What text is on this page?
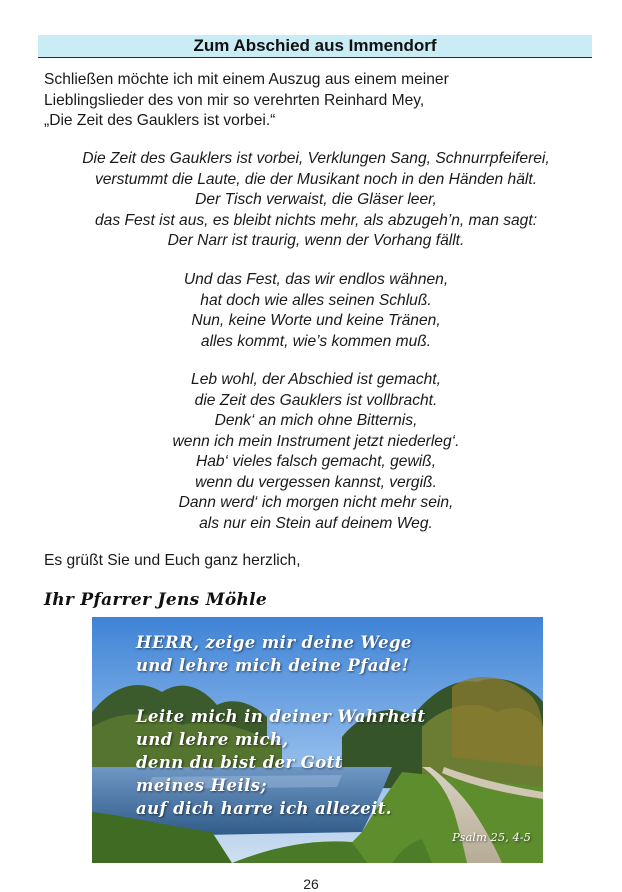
Zum Abschied aus Immendorf
Schließen möchte ich mit einem Auszug aus einem meiner
Lieblingslieder des von mir so verehrten Reinhard Mey,
„Die Zeit des Gauklers ist vorbei.“
Die Zeit des Gauklers ist vorbei, Verklungen Sang, Schnurrpfeiferei,
verstummt die Laute, die der Musikant noch in den Händen hält.
Der Tisch verwaist, die Gläser leer,
das Fest ist aus, es bleibt nichts mehr, als abzugeh’n, man sagt:
Der Narr ist traurig, wenn der Vorhang fällt.
Und das Fest, das wir endlos wähnen,
hat doch wie alles seinen Schluß.
Nun, keine Worte und keine Tränen,
alles kommt, wie’s kommen muß.
Leb wohl, der Abschied ist gemacht,
die Zeit des Gauklers ist vollbracht.
Denk‘ an mich ohne Bitternis,
wenn ich mein Instrument jetzt niederleg‘.
Hab‘ vieles falsch gemacht, gewiß,
wenn du vergessen kannst, vergiß.
Dann werd‘ ich morgen nicht mehr sein,
als nur ein Stein auf deinem Weg.
Es grüßt Sie und Euch ganz herzlich,
Ihr Pfarrer Jens Möhle
HERR, zeige mir deine Wege
und lehre mich deine Pfade!
Leite mich in deiner Wahrheit
und lehre mich,
denn du bist der Gott
meines Heils;
auf dich harre ich allezeit.
Psalm 25, 4-5
26
